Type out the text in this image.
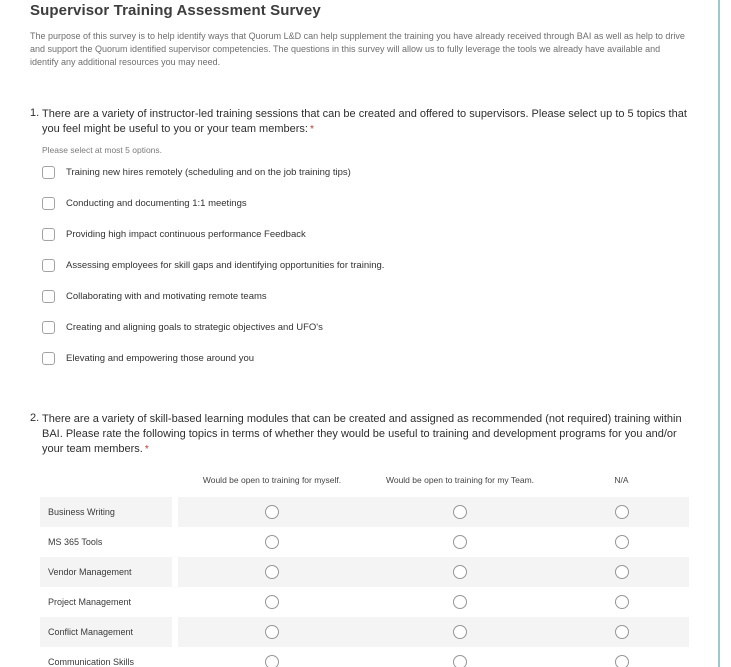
Supervisor Training Assessment Survey
The purpose of this survey is to help identify ways that Quorum L&D can help supplement the training you have already received through BAI as well as help to drive and support the Quorum identified supervisor competencies. The questions in this survey will allow us to fully leverage the tools we already have available and identify any additional resources you may need.
1. There are a variety of instructor-led training sessions that can be created and offered to supervisors. Please select up to 5 topics that you feel might be useful to you or your team members: *
Please select at most 5 options.
Training new hires remotely (scheduling and on the job training tips)
Conducting and documenting 1:1 meetings
Providing high impact continuous performance Feedback
Assessing employees for skill gaps and identifying opportunities for training.
Collaborating with and motivating remote teams
Creating and aligning goals to strategic objectives and UFO's
Elevating and empowering those around you
2. There are a variety of skill-based learning modules that can be created and assigned as recommended (not required) training within BAI. Please rate the following topics in terms of whether they would be useful to training and development programs for you and/or your team members. *
Would be open to training for myself.	Would be open to training for my Team.	N/A
Business Writing
MS 365 Tools
Vendor Management
Project Management
Conflict Management
Communication Skills
